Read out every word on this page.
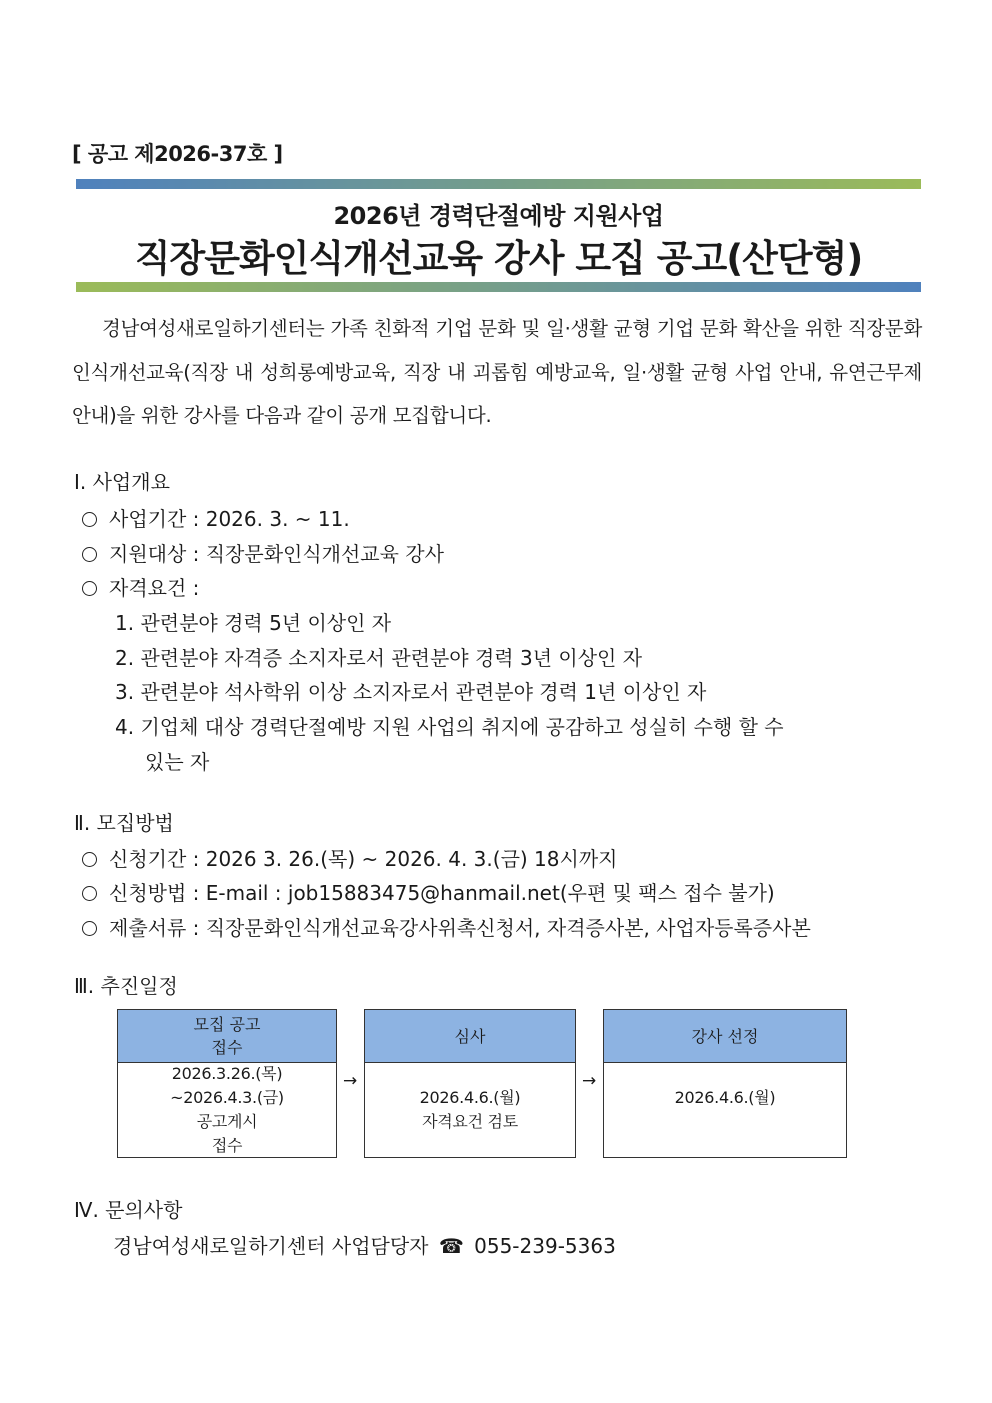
[ 공고 제2026-37호 ]
2026년 경력단절예방 지원사업
직장문화인식개선교육 강사 모집 공고(산단형)
경남여성새로일하기센터는 가족 친화적 기업 문화 및 일·생활 균형 기업 문화 확산을 위한 직장문화인식개선교육(직장 내 성희롱예방교육, 직장 내 괴롭힘 예방교육, 일·생활 균형 사업 안내, 유연근무제 안내)을 위한 강사를 다음과 같이 공개 모집합니다.
Ⅰ. 사업개요
사업기간 : 2026. 3. ~ 11.
지원대상 : 직장문화인식개선교육 강사
자격요건 :
1. 관련분야 경력 5년 이상인 자
2. 관련분야 자격증 소지자로서 관련분야 경력 3년 이상인 자
3. 관련분야 석사학위 이상 소지자로서 관련분야 경력 1년 이상인 자
4. 기업체 대상 경력단절예방 지원 사업의 취지에 공감하고 성실히 수행 할 수
있는 자
Ⅱ. 모집방법
신청기간 : 2026 3. 26.(목) ~ 2026. 4. 3.(금) 18시까지
신청방법 : E-mail : job15883475@hanmail.net(우편 및 팩스 접수 불가)
제출서류 : 직장문화인식개선교육강사위촉신청서, 자격증사본, 사업자등록증사본
Ⅲ. 추진일정
모집 공고
접수
2026.3.26.(목)
~2026.4.3.(금)
공고게시
접수
→
심사
2026.4.6.(월)
자격요건 검토
→
강사 선정
2026.4.6.(월)
Ⅳ. 문의사항
경남여성새로일하기센터 사업담당자 ☎ 055-239-5363
